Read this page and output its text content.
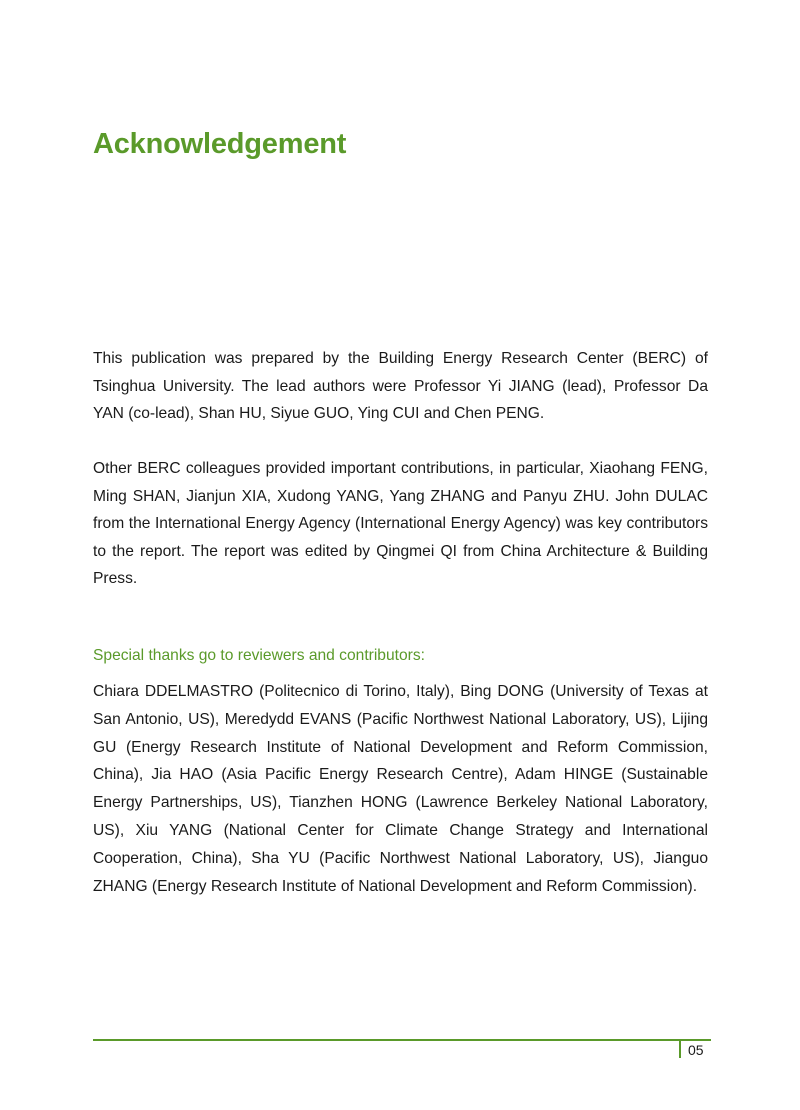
Acknowledgement

This publication was prepared by the Building Energy Research Center (BERC) of Tsinghua University. The lead authors were Professor Yi JIANG (lead), Professor Da YAN (co-lead), Shan HU, Siyue GUO, Ying CUI and Chen PENG.

Other BERC colleagues provided important contributions, in particular, Xiaohang FENG, Ming SHAN, Jianjun XIA, Xudong YANG, Yang ZHANG and Panyu ZHU. John DULAC from the International Energy Agency (International Energy Agency) was key contributors to the report. The report was edited by Qingmei QI from China Architecture & Building Press.

Special thanks go to reviewers and contributors:

Chiara DDELMASTRO (Politecnico di Torino, Italy), Bing DONG (University of Texas at San Antonio, US), Meredydd EVANS (Pacific Northwest National Laboratory, US), Lijing GU (Energy Research Institute of National Development and Reform Commission, China), Jia HAO (Asia Pacific Energy Research Centre), Adam HINGE (Sustainable Energy Partnerships, US), Tianzhen HONG (Lawrence Berkeley National Laboratory, US), Xiu YANG (National Center for Climate Change Strategy and International Cooperation, China), Sha YU (Pacific Northwest National Laboratory, US), Jianguo ZHANG (Energy Research Institute of National Development and Reform Commission).

05
